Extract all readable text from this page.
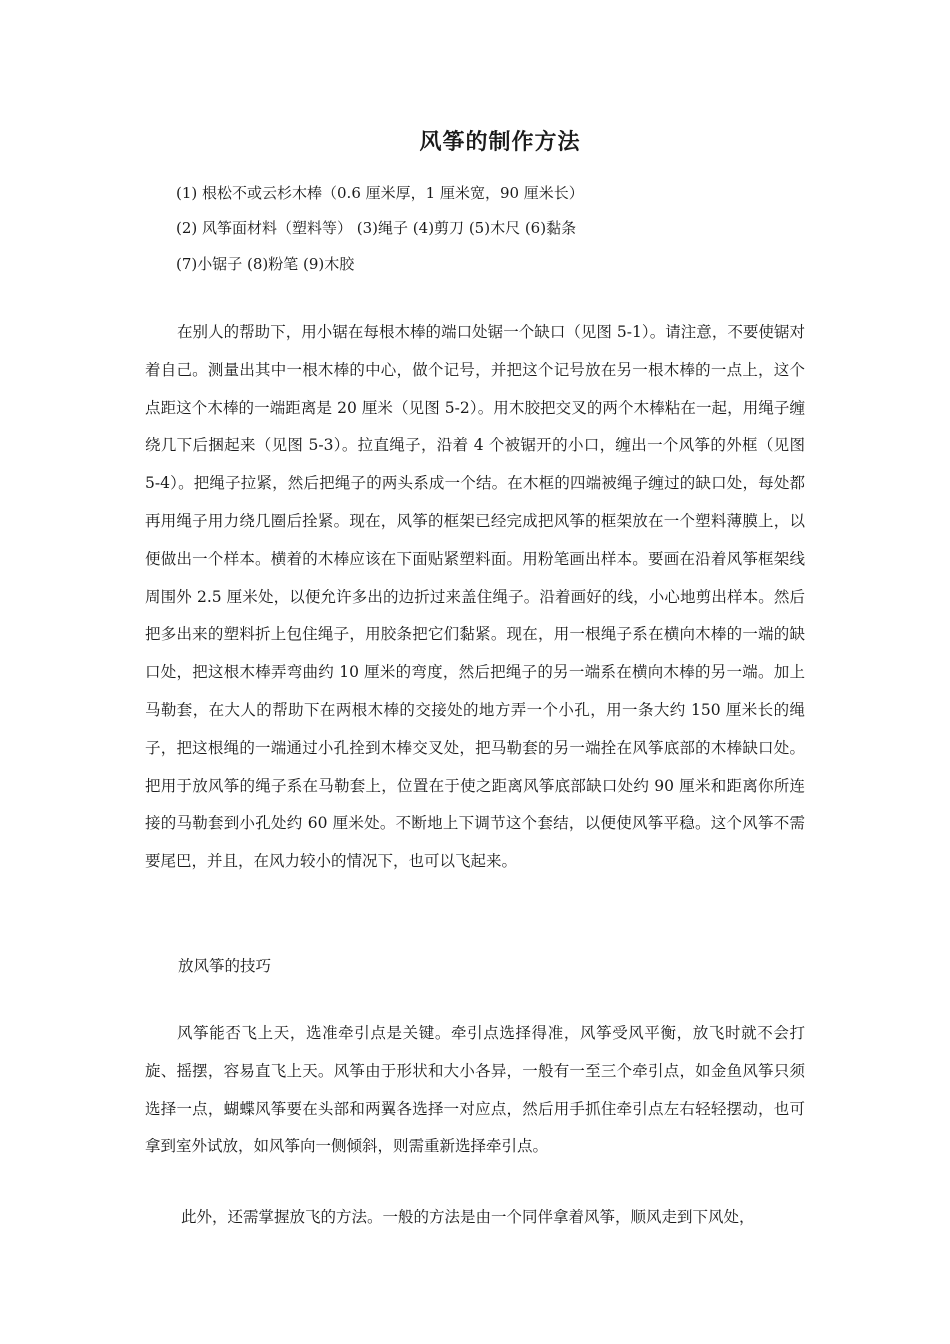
风筝的制作方法
(1) 根松不或云杉木棒（0.6 厘米厚，1 厘米宽，90 厘米长）
(2) 风筝面材料（塑料等） (3)绳子 (4)剪刀 (5)木尺 (6)黏条
(7)小锯子 (8)粉笔 (9)木胶

在别人的帮助下，用小锯在每根木棒的端口处锯一个缺口（见图 5-1）。请注意，不要使锯对着自己。测量出其中一根木棒的中心，做个记号，并把这个记号放在另一根木棒的一点上，这个点距这个木棒的一端距离是 20 厘米（见图 5-2）。用木胶把交叉的两个木棒粘在一起，用绳子缠绕几下后捆起来（见图 5-3）。拉直绳子，沿着 4 个被锯开的小口，缠出一个风筝的外框（见图 5-4）。把绳子拉紧，然后把绳子的两头系成一个结。在木框的四端被绳子缠过的缺口处，每处都再用绳子用力绕几圈后拴紧。现在，风筝的框架已经完成把风筝的框架放在一个塑料薄膜上，以便做出一个样本。横着的木棒应该在下面贴紧塑料面。用粉笔画出样本。要画在沿着风筝框架线周围外 2.5 厘米处，以便允许多出的边折过来盖住绳子。沿着画好的线，小心地剪出样本。然后把多出来的塑料折上包住绳子，用胶条把它们黏紧。现在，用一根绳子系在横向木棒的一端的缺口处，把这根木棒弄弯曲约 10 厘米的弯度，然后把绳子的另一端系在横向木棒的另一端。加上马勒套，在大人的帮助下在两根木棒的交接处的地方弄一个小孔，用一条大约 150 厘米长的绳子，把这根绳的一端通过小孔拴到木棒交叉处，把马勒套的另一端拴在风筝底部的木棒缺口处。把用于放风筝的绳子系在马勒套上，位置在于使之距离风筝底部缺口处约 90 厘米和距离你所连接的马勒套到小孔处约 60 厘米处。不断地上下调节这个套结，以便使风筝平稳。这个风筝不需要尾巴，并且，在风力较小的情况下，也可以飞起来。

放风筝的技巧

风筝能否飞上天，选准牵引点是关键。牵引点选择得准，风筝受风平衡，放飞时就不会打旋、摇摆，容易直飞上天。风筝由于形状和大小各异，一般有一至三个牵引点，如金鱼风筝只须选择一点，蝴蝶风筝要在头部和两翼各选择一对应点，然后用手抓住牵引点左右轻轻摆动，也可拿到室外试放，如风筝向一侧倾斜，则需重新选择牵引点。

此外，还需掌握放飞的方法。一般的方法是由一个同伴拿着风筝，顺风走到下风处，
